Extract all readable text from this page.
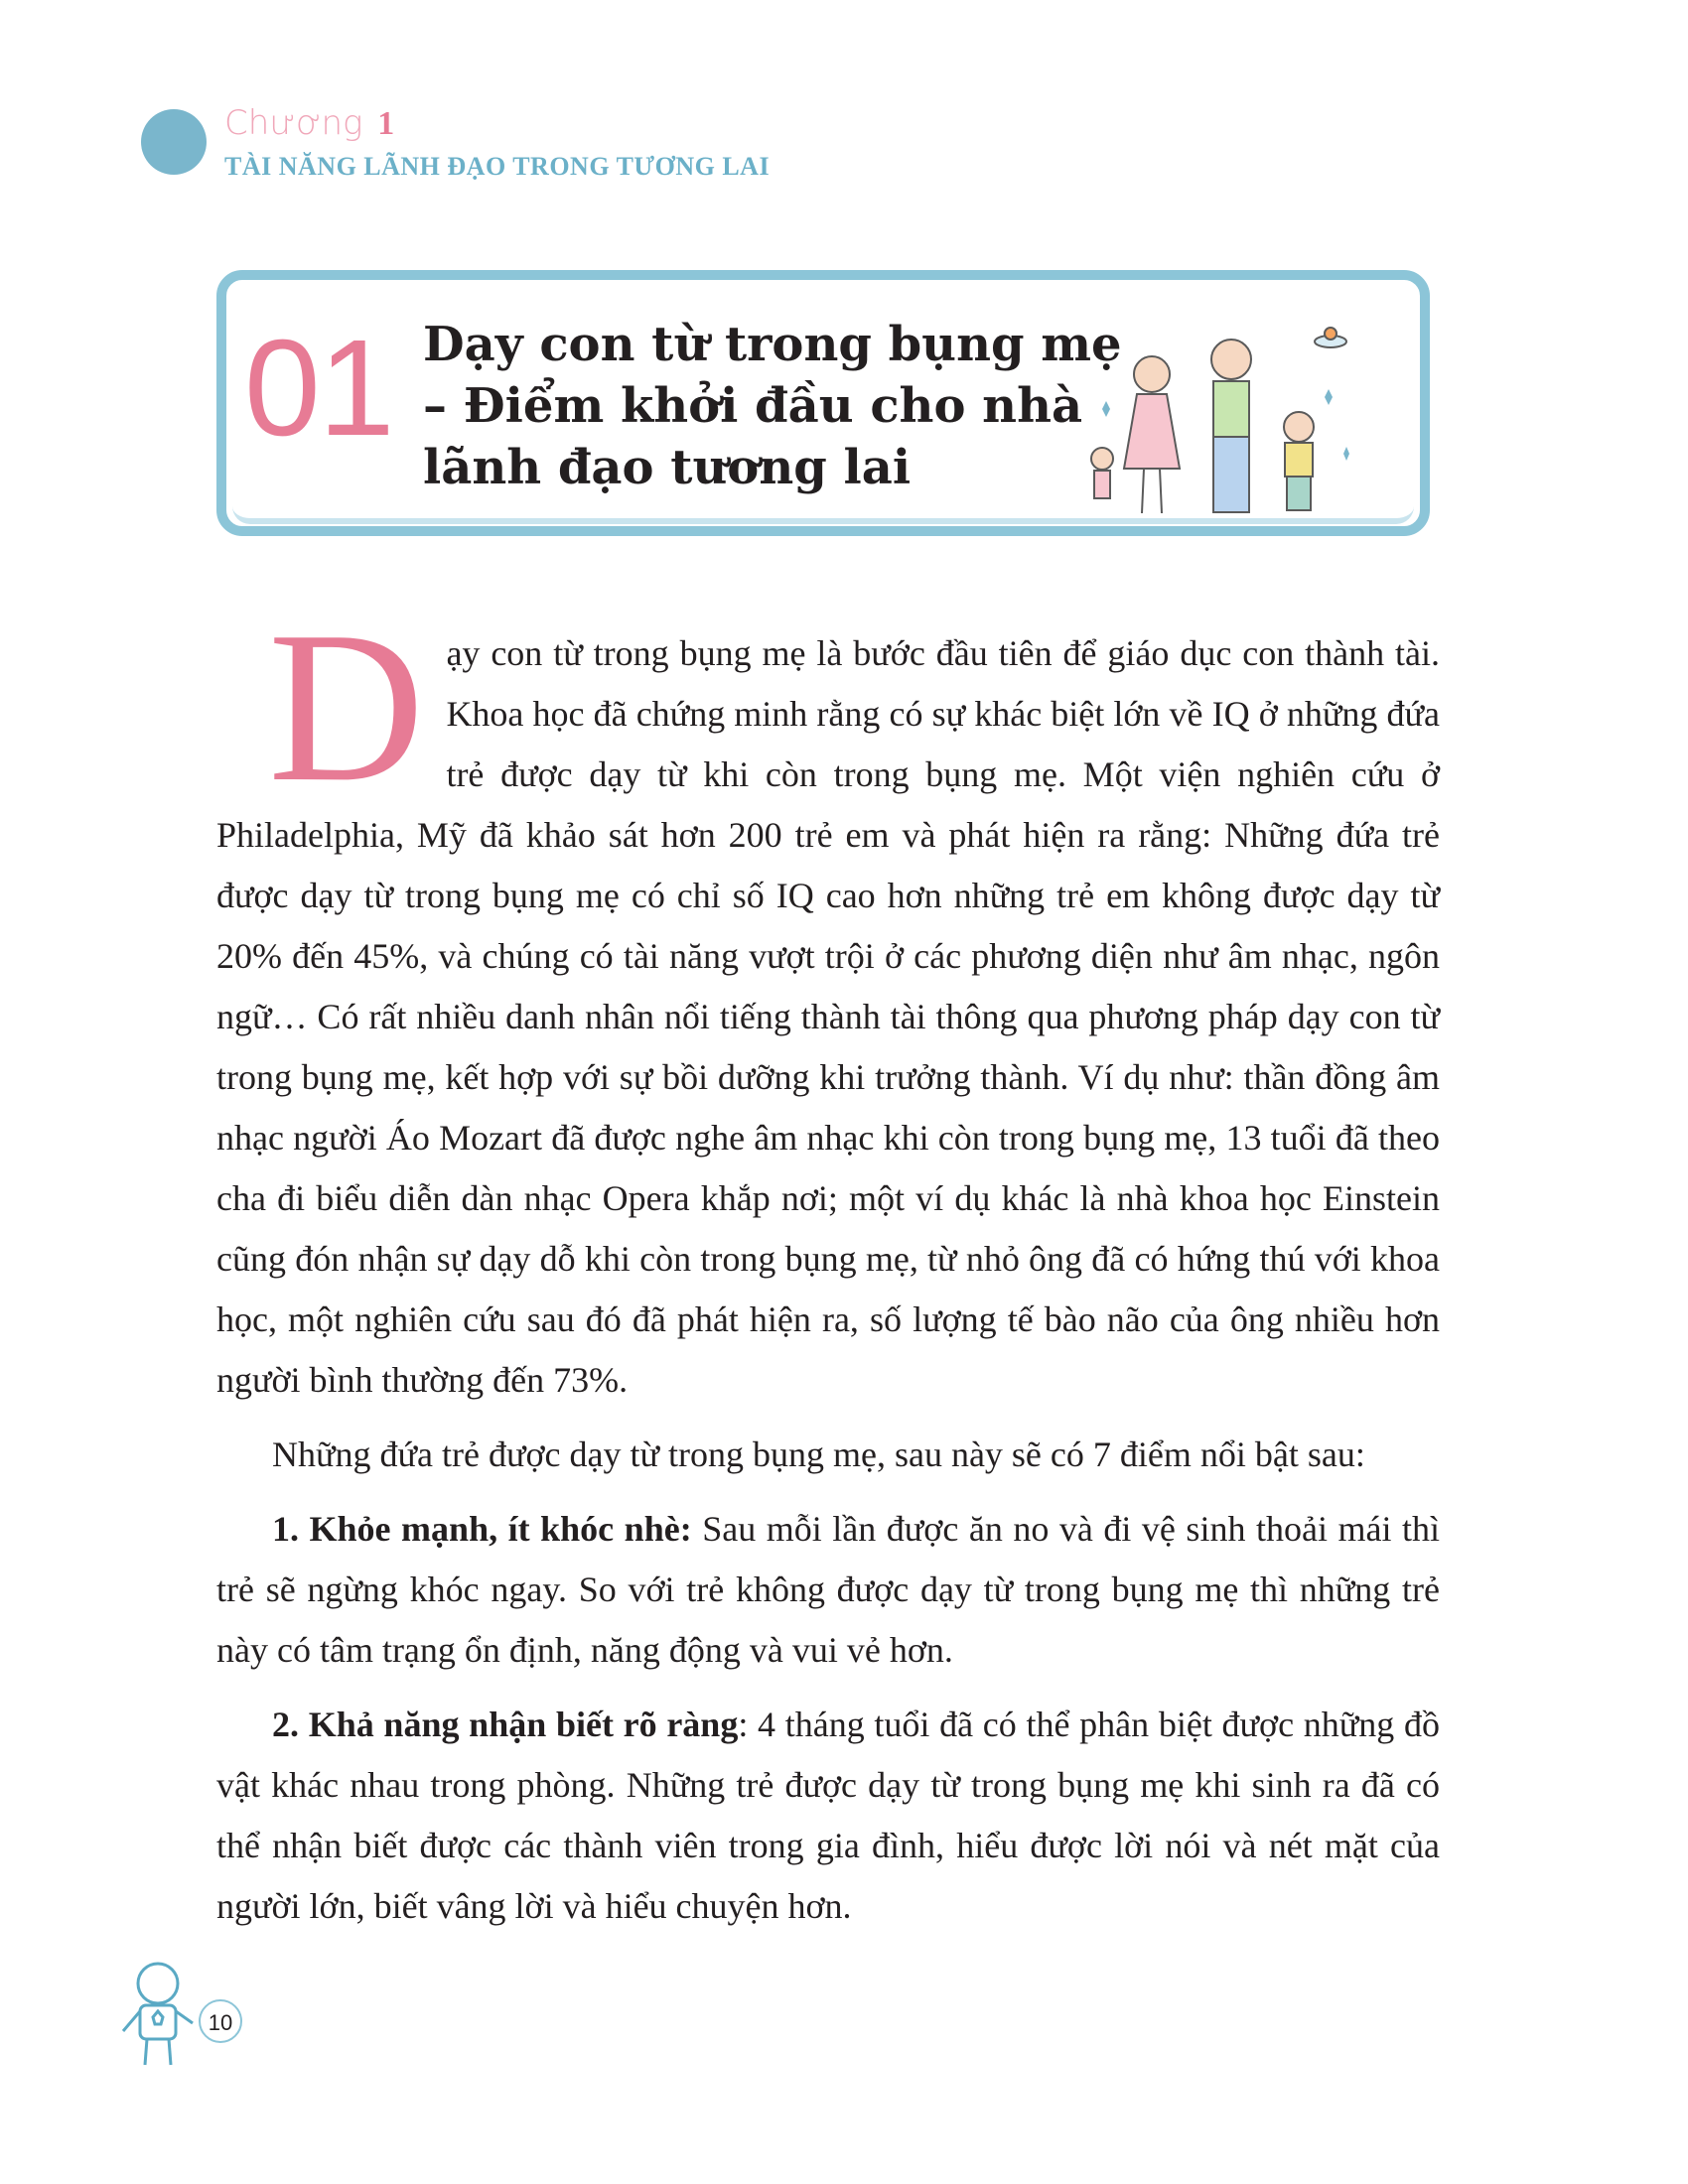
Chương 1
TÀI NĂNG LÃNH ĐẠO TRONG TƯƠNG LAI
01 Dạy con từ trong bụng mẹ – Điểm khởi đầu cho nhà lãnh đạo tương lai

Dạy con từ trong bụng mẹ là bước đầu tiên để giáo dục con thành tài. Khoa học đã chứng minh rằng có sự khác biệt lớn về IQ ở những đứa trẻ được dạy từ khi còn trong bụng mẹ. Một viện nghiên cứu ở Philadelphia, Mỹ đã khảo sát hơn 200 trẻ em và phát hiện ra rằng: Những đứa trẻ được dạy từ trong bụng mẹ có chỉ số IQ cao hơn những trẻ em không được dạy từ 20% đến 45%, và chúng có tài năng vượt trội ở các phương diện như âm nhạc, ngôn ngữ… Có rất nhiều danh nhân nổi tiếng thành tài thông qua phương pháp dạy con từ trong bụng mẹ, kết hợp với sự bồi dưỡng khi trưởng thành. Ví dụ như: thần đồng âm nhạc người Áo Mozart đã được nghe âm nhạc khi còn trong bụng mẹ, 13 tuổi đã theo cha đi biểu diễn dàn nhạc Opera khắp nơi; một ví dụ khác là nhà khoa học Einstein cũng đón nhận sự dạy dỗ khi còn trong bụng mẹ, từ nhỏ ông đã có hứng thú với khoa học, một nghiên cứu sau đó đã phát hiện ra, số lượng tế bào não của ông nhiều hơn người bình thường đến 73%.

Những đứa trẻ được dạy từ trong bụng mẹ, sau này sẽ có 7 điểm nổi bật sau:

1. Khỏe mạnh, ít khóc nhè: Sau mỗi lần được ăn no và đi vệ sinh thoải mái thì trẻ sẽ ngừng khóc ngay. So với trẻ không được dạy từ trong bụng mẹ thì những trẻ này có tâm trạng ổn định, năng động và vui vẻ hơn.

2. Khả năng nhận biết rõ ràng: 4 tháng tuổi đã có thể phân biệt được những đồ vật khác nhau trong phòng. Những trẻ được dạy từ trong bụng mẹ khi sinh ra đã có thể nhận biết được các thành viên trong gia đình, hiểu được lời nói và nét mặt của người lớn, biết vâng lời và hiểu chuyện hơn.

10
